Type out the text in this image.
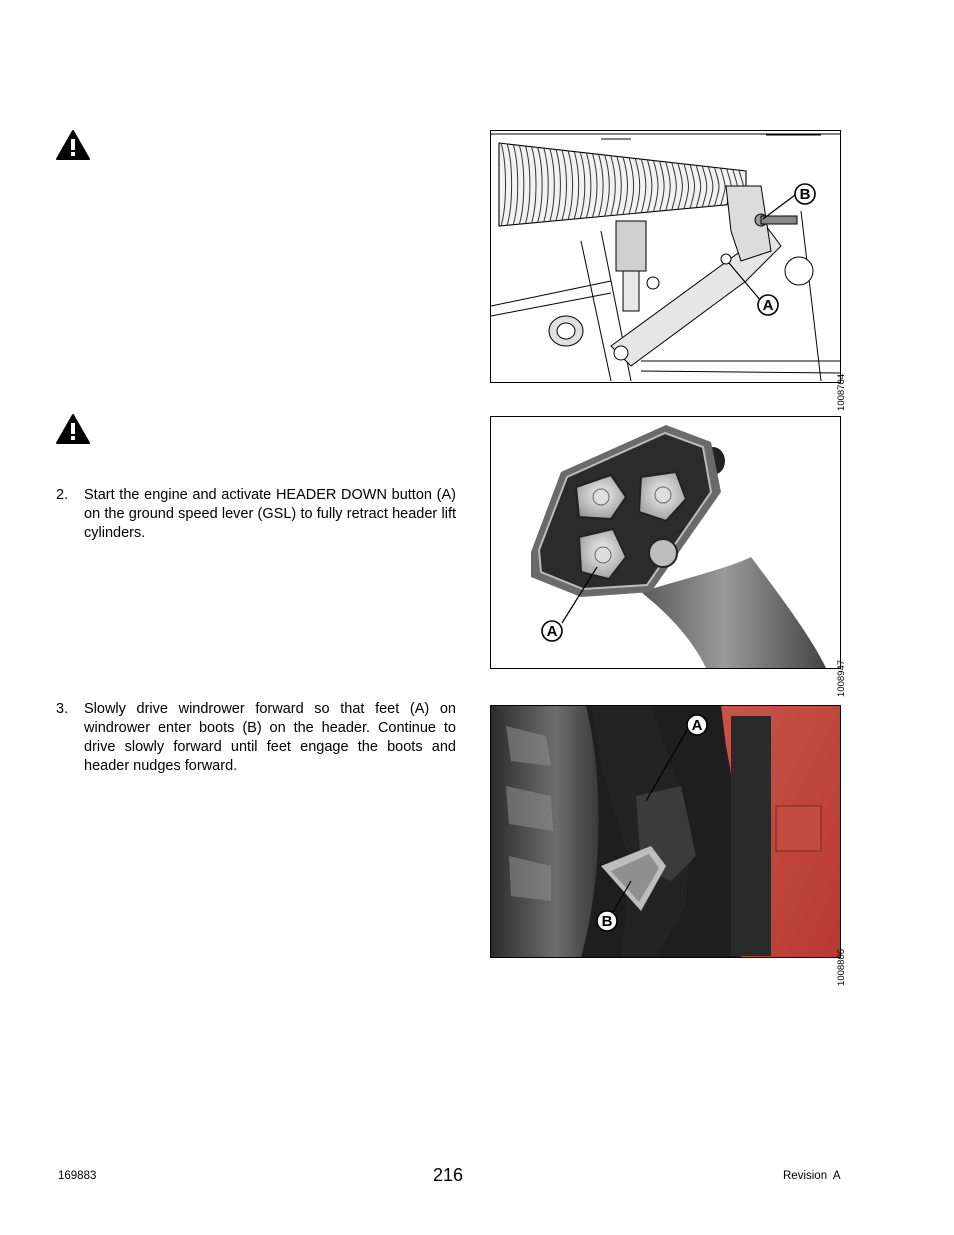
2. Start the engine and activate HEADER DOWN button (A) on the ground speed lever (GSL) to fully retract header lift cylinders.
3. Slowly drive windrower forward so that feet (A) on windrower enter boots (B) on the header. Continue to drive slowly forward until feet engage the boots and header nudges forward.
B
A
1008704
A
1008947
A
B
1008806
169883	216	Revision  A
